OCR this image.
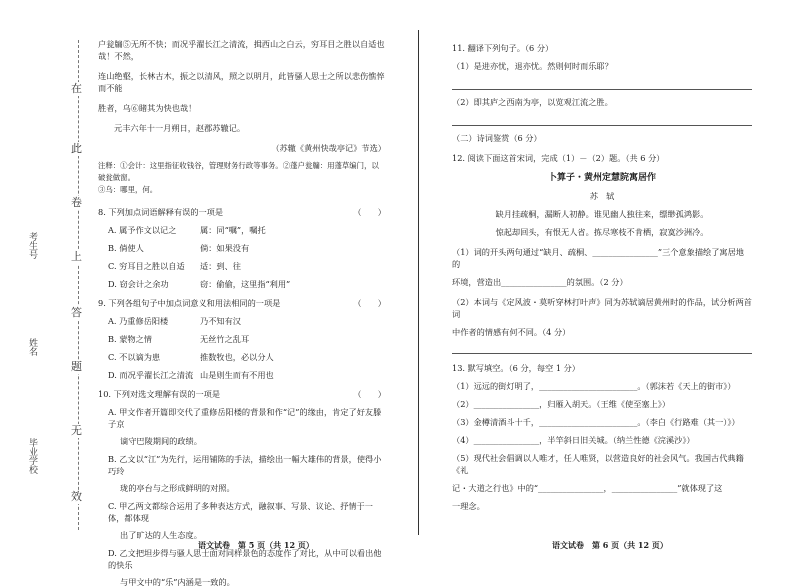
考生号
姓名
毕业学校
在
此
卷
上
答
题
无
效

户瓮牖⑤无所不快；而况乎濯长江之清流，揖西山之白云，穷耳目之胜以自适也哉！不然，

连山绝壑，长林古木，振之以清风，照之以明月，此皆骚人思士之所以悲伤憔悴而不能

胜者，乌⑥睹其为快也哉！

元丰六年十一月朔日，赵郡苏辙记。

（苏辙《黄州快哉亭记》节选）

注释：①会计：这里指征收钱谷，管理财务行政等事务。②蓬户瓮牖：用蓬草编门，以破瓮做窗。

③乌：哪里，何。

8. 下列加点词语解释有误的一项是	（　　）
A. 属予作文以记之	属：同“嘱”，嘱托
B. 倘使人	倘：如果没有
C. 穷耳目之胜以自适	适：到、往
D. 窃会计之余功	窃：偷偷，这里指“利用”
9. 下列各组句子中加点词意义和用法相同的一项是	（　　）
A. 乃重修岳阳楼	乃不知有汉
B. 蒙物之情	无丝竹之乱耳
C. 不以谪为患	推数牧也，必以分人
D. 而况乎濯长江之清流 山是则生而有不用也
10. 下列对选文理解有误的一项是	（　　）

A. 甲文作者开篇即交代了重修岳阳楼的背景和作“记”的缘由，肯定了好友滕子京

谪守巴陵期间的政绩。

B. 乙文以“江”为先行，运用铺陈的手法，描绘出一幅大雄伟的背景，使得小巧玲

珑的亭台与之形成鲜明的对照。

C. 甲乙两文都综合运用了多种表达方式，融叙事、写景、议论、抒情于一体，都体现

出了旷达的人生态度。

D. 乙文把坦步得与骚人思士面对同样景色的态度作了对比，从中可以看出他的快乐

与甲文中的“乐”内涵是一致的。

11. 翻译下列句子。（6 分）

（1）是进亦忧，退亦忧。然则何时而乐耶？

（2）即其庐之西南为亭，以览观江流之胜。

（二）诗词鉴赏（6 分）

12. 阅读下面这首宋词，完成（1）－（2）题。（共 6 分）

卜算子・黄州定慧院寓居作

苏　轼

缺月挂疏桐，漏断人初静。谁见幽人独往来，缥缈孤鸿影。

惊起却回头，有恨无人省。拣尽寒枝不肯栖，寂寞沙洲冷。

（1）词的开头两句通过“缺月、疏桐、________________”三个意象描绘了寓居地的

环境，营造出________________的氛围。（2 分）

（2）本词与《定风波・莫听穿林打叶声》同为苏轼谪居黄州时的作品，试分析两首词

中作者的情感有何不同。（4 分）

13. 默写填空。（6 分，每空 1 分）

（1）远远的街灯明了，________________________。（郭沫若《天上的街市》）

（2）________________，归雁入胡天。（王维《使至塞上》）

（3）金樽清酒斗十千，________________________。（李白《行路难（其一）》）

（4）________________，半竿斜日旧关城。（纳兰性德《浣溪沙》）

（5）现代社会倡调以人唯才，任人唯贤，以营造良好的社会风气。我国古代典籍《礼

记・大道之行也》中的“________________，________________”就体现了这

一理念。

语文试卷　第 5 页（共 12 页）	语文试卷　第 6 页（共 12 页）
